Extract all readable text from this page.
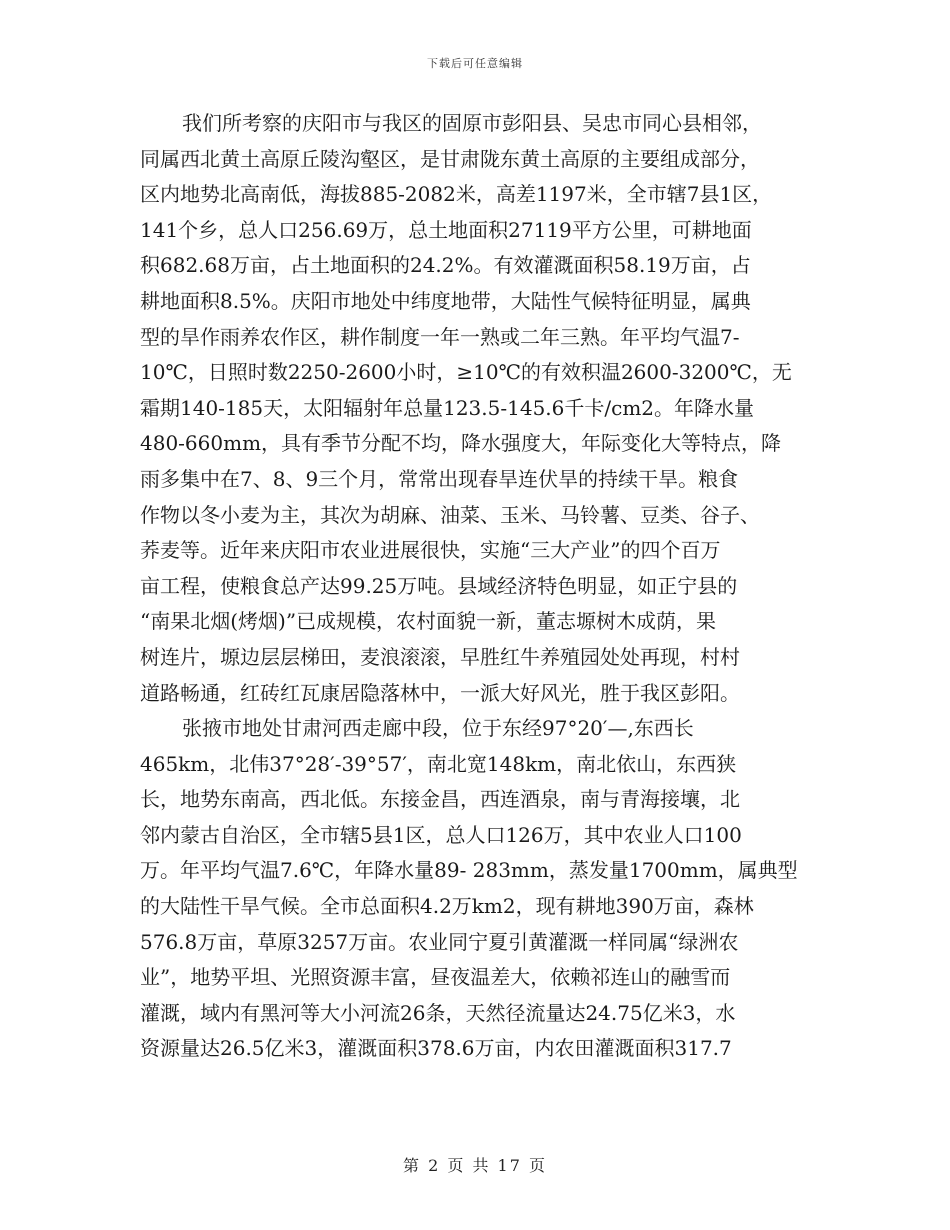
下载后可任意编辑
我们所考察的庆阳市与我区的固原市彭阳县、吴忠市同心县相邻，
同属西北黄土高原丘陵沟壑区，是甘肃陇东黄土高原的主要组成部分，
区内地势北高南低，海拔885-2082米，高差1197米，全市辖7县1区，
141个乡，总人口256.69万，总土地面积27119平方公里，可耕地面
积682.68万亩，占土地面积的24.2%。有效灌溉面积58.19万亩，占
耕地面积8.5%。庆阳市地处中纬度地带，大陆性气候特征明显，属典
型的旱作雨养农作区，耕作制度一年一熟或二年三熟。年平均气温7-
10℃，日照时数2250-2600小时，≥10℃的有效积温2600-3200℃，无
霜期140-185天，太阳辐射年总量123.5-145.6千卡/cm2。年降水量
480-660mm，具有季节分配不均，降水强度大，年际变化大等特点，降
雨多集中在7、8、9三个月，常常出现春旱连伏旱的持续干旱。粮食
作物以冬小麦为主，其次为胡麻、油菜、玉米、马铃薯、豆类、谷子、
荞麦等。近年来庆阳市农业进展很快，实施“三大产业”的四个百万
亩工程，使粮食总产达99.25万吨。县域经济特色明显，如正宁县的
“南果北烟(烤烟)”已成规模，农村面貌一新，董志塬树木成荫，果
树连片，塬边层层梯田，麦浪滚滚，早胜红牛养殖园处处再现，村村
道路畅通，红砖红瓦康居隐落林中，一派大好风光，胜于我区彭阳。
张掖市地处甘肃河西走廊中段，位于东经97°20′—,东西长
465km，北伟37°28′-39°57′，南北宽148km，南北依山，东西狭
长，地势东南高，西北低。东接金昌，西连酒泉，南与青海接壤，北
邻内蒙古自治区，全市辖5县1区，总人口126万，其中农业人口100
万。年平均气温7.6℃，年降水量89- 283mm，蒸发量1700mm，属典型
的大陆性干旱气候。全市总面积4.2万km2，现有耕地390万亩，森林
576.8万亩，草原3257万亩。农业同宁夏引黄灌溉一样同属“绿洲农
业”，地势平坦、光照资源丰富，昼夜温差大，依赖祁连山的融雪而
灌溉，域内有黑河等大小河流26条，天然径流量达24.75亿米3，水
资源量达26.5亿米3，灌溉面积378.6万亩，内农田灌溉面积317.7
第 2 页 共 17 页
